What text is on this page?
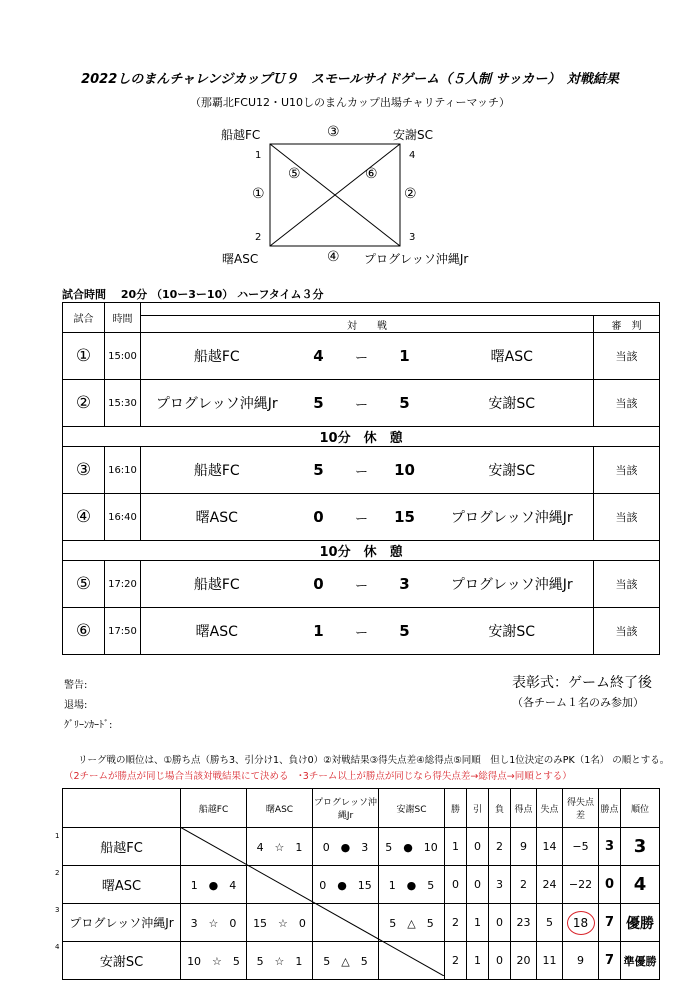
2022しのまんチャレンジカップＵ９　スモールサイドゲーム（５人制 サッカー）　対戦結果
（那覇北FCU12・U10しのまんカップ出場チャリティーマッチ）
船越FC	安謝SC
曙ASC	プログレッソ沖縄Jr
1
2	3
4
③
④
①	②
⑤	⑥
試合時間　 20分 （10ー3ー10） ハーフタイム３分
試合	時間						
		対　　戦					審　判
①	15:00	船越FC	4	ー	1	曙ASC	当該
②	15:30	プログレッソ沖縄Jr	5	ー	5	安謝SC	当該
10分　休　憩							
③	16:10	船越FC	5	ー	10	安謝SC	当該
④	16:40	曙ASC	0	ー	15	プログレッソ沖縄Jr	当該
10分　休　憩							
⑤	17:20	船越FC	0	ー	3	プログレッソ沖縄Jr	当該
⑥	17:50	曙ASC	1	ー	5	安謝SC	当該
警告:
退場:
ｸﾞﾘｰﾝｶｰﾄﾞ:
表彰式：ゲーム終了後
（各チーム１名のみ参加）
リーグ戦の順位は、①勝ち点（勝ち3、引分け1、負け0）②対戦結果③得失点差④総得点⑤同順　但し1位決定のみPK（1名） の順とする。
（2チームが勝点が同じ場合当該対戦結果にて決める　･3チーム以上が勝点が同じなら得失点差→総得点→同順とする）
	船越FC	曙ASC	プログレッソ沖縄Jr	安謝SC	勝	引	負	得点	失点	得失点差	勝点	順位
船越FC		4　☆　1	0　●　3	5　●　10	1	0	2	9	14	−5	3	3
曙ASC	1　●　4		0　●　15	1　●　5	0	0	3	2	24	−22	0	4
プログレッソ沖縄Jr	3　☆　0	15　☆　0		5　△　5	2	1	0	23	5	18	7	優勝
安謝SC	10　☆　5	5　☆　1	5　△　5		2	1	0	20	11	9	7	準優勝
1
2
3
4
